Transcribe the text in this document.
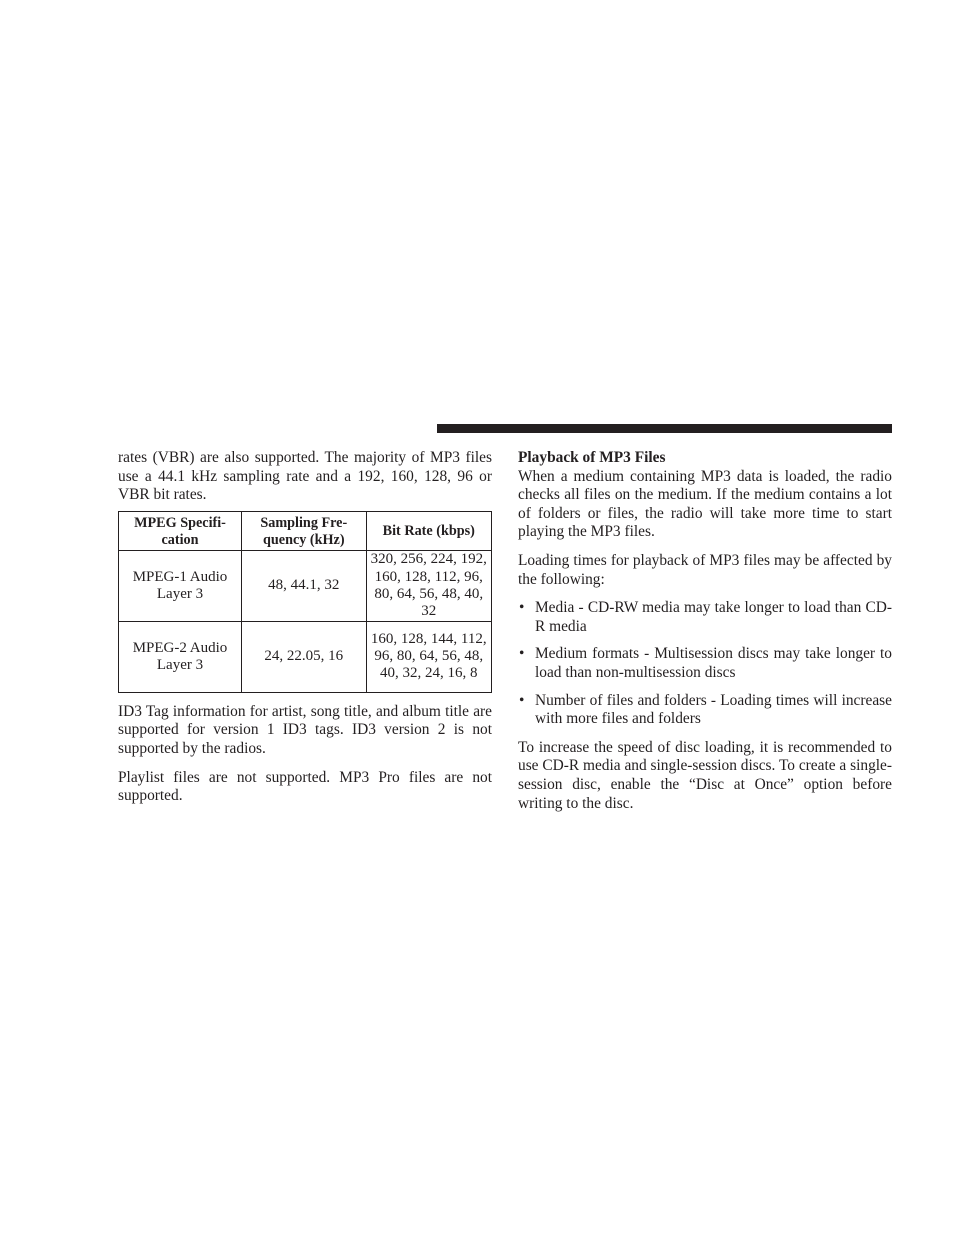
rates (VBR) are also supported. The majority of MP3 files use a 44.1 kHz sampling rate and a 192, 160, 128, 96 or VBR bit rates.

MPEG Specifi- cation	Sampling Fre- quency (kHz)	Bit Rate (kbps)
MPEG-1 Audio Layer 3	48, 44.1, 32	320, 256, 224, 192, 160, 128, 112, 96, 80, 64, 56, 48, 40, 32
MPEG-2 Audio Layer 3	24, 22.05, 16	160, 128, 144, 112, 96, 80, 64, 56, 48, 40, 32, 24, 16, 8

ID3 Tag information for artist, song title, and album title are supported for version 1 ID3 tags. ID3 version 2 is not supported by the radios.

Playlist files are not supported. MP3 Pro files are not supported.

Playback of MP3 Files

When a medium containing MP3 data is loaded, the radio checks all files on the medium. If the medium contains a lot of folders or files, the radio will take more time to start playing the MP3 files.

Loading times for playback of MP3 files may be affected by the following:

• Media - CD-RW media may take longer to load than CD-R media
• Medium formats - Multisession discs may take longer to load than non-multisession discs
• Number of files and folders - Loading times will increase with more files and folders

To increase the speed of disc loading, it is recommended to use CD-R media and single-session discs. To create a single-session disc, enable the “Disc at Once” option before writing to the disc.
